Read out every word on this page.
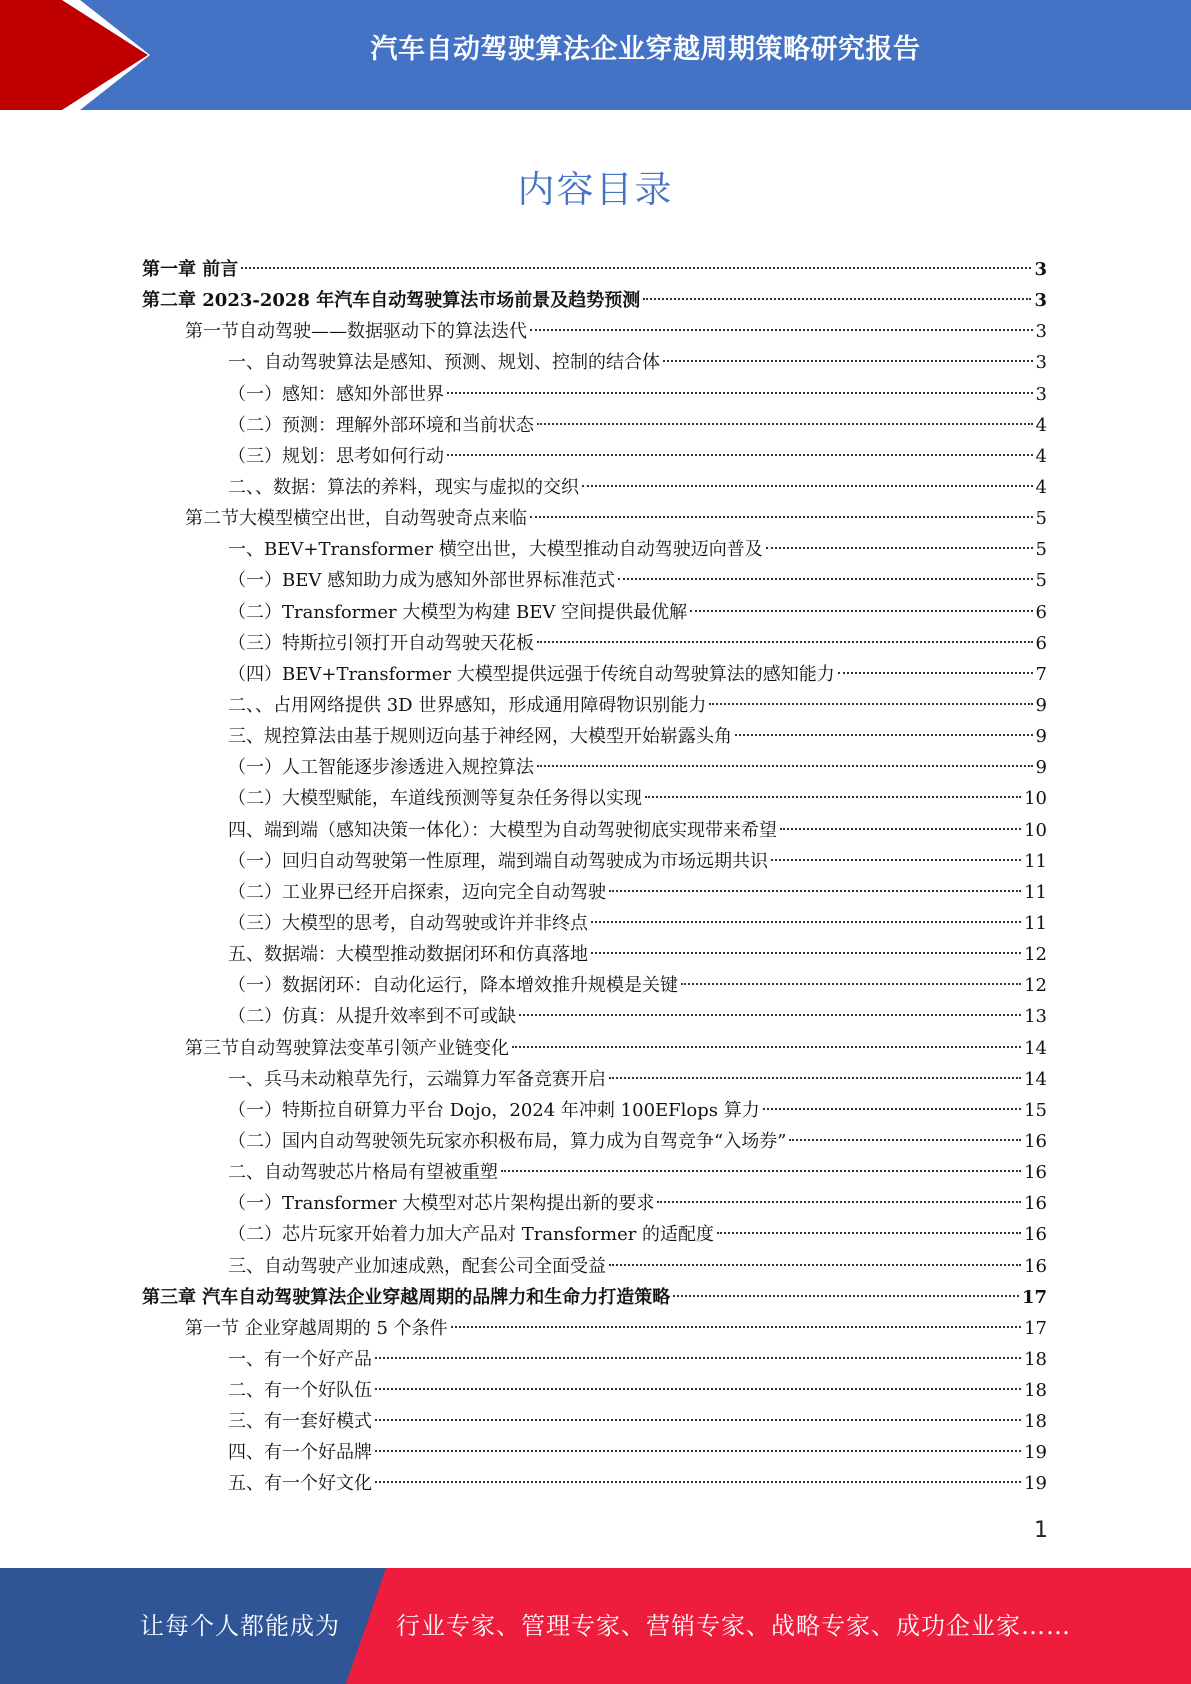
汽车自动驾驶算法企业穿越周期策略研究报告
内容目录
第一章 前言	3
第二章 2023-2028 年汽车自动驾驶算法市场前景及趋势预测	3
第一节自动驾驶——数据驱动下的算法迭代	3
一、自动驾驶算法是感知、预测、规划、控制的结合体	3
（一）感知：感知外部世界	3
（二）预测：理解外部环境和当前状态	4
（三）规划：思考如何行动	4
二、、数据：算法的养料，现实与虚拟的交织	4
第二节大模型横空出世，自动驾驶奇点来临	5
一、BEV+Transformer 横空出世，大模型推动自动驾驶迈向普及	5
（一）BEV 感知助力成为感知外部世界标准范式	5
（二）Transformer 大模型为构建 BEV 空间提供最优解	6
（三）特斯拉引领打开自动驾驶天花板	6
（四）BEV+Transformer 大模型提供远强于传统自动驾驶算法的感知能力	7
二、、占用网络提供 3D 世界感知，形成通用障碍物识别能力	9
三、规控算法由基于规则迈向基于神经网，大模型开始崭露头角	9
（一）人工智能逐步渗透进入规控算法	9
（二）大模型赋能，车道线预测等复杂任务得以实现	10
四、端到端（感知决策一体化）：大模型为自动驾驶彻底实现带来希望	10
（一）回归自动驾驶第一性原理，端到端自动驾驶成为市场远期共识	11
（二）工业界已经开启探索，迈向完全自动驾驶	11
（三）大模型的思考，自动驾驶或许并非终点	11
五、数据端：大模型推动数据闭环和仿真落地	12
（一）数据闭环：自动化运行，降本增效推升规模是关键	12
（二）仿真：从提升效率到不可或缺	13
第三节自动驾驶算法变革引领产业链变化	14
一、兵马未动粮草先行，云端算力军备竞赛开启	14
（一）特斯拉自研算力平台 Dojo，2024 年冲刺 100EFlops 算力	15
（二）国内自动驾驶领先玩家亦积极布局，算力成为自驾竞争“入场券”	16
二、自动驾驶芯片格局有望被重塑	16
（一）Transformer 大模型对芯片架构提出新的要求	16
（二）芯片玩家开始着力加大产品对 Transformer 的适配度	16
三、自动驾驶产业加速成熟，配套公司全面受益	16
第三章 汽车自动驾驶算法企业穿越周期的品牌力和生命力打造策略	17
第一节 企业穿越周期的 5 个条件	17
一、有一个好产品	18
二、有一个好队伍	18
三、有一套好模式	18
四、有一个好品牌	19
五、有一个好文化	19
1
让每个人都能成为 行业专家、管理专家、营销专家、战略专家、成功企业家……
